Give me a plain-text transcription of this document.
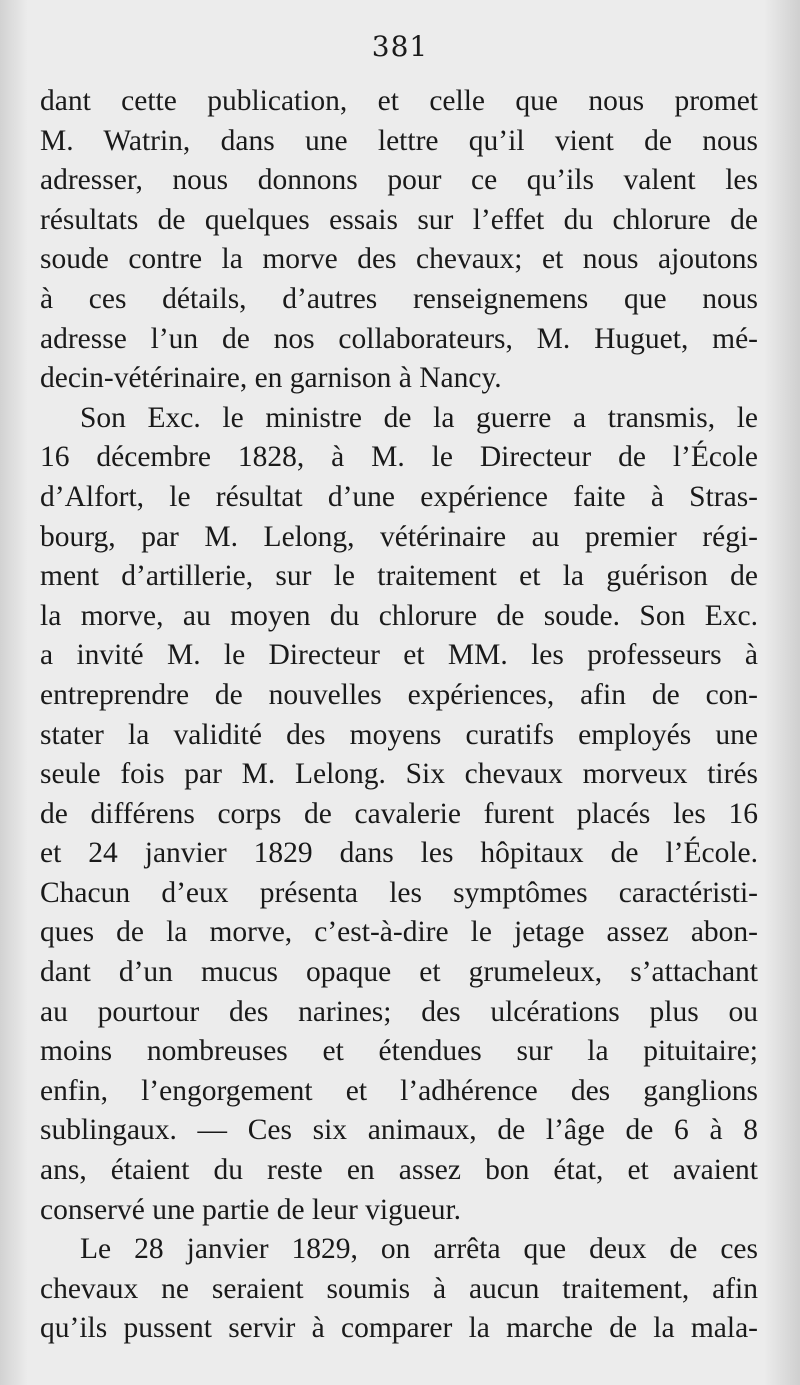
381
dant cette publication, et celle que nous promet
M. Watrin, dans une lettre qu’il vient de nous
adresser, nous donnons pour ce qu’ils valent les
résultats de quelques essais sur l’effet du chlorure de
soude contre la morve des chevaux; et nous ajoutons
à ces détails, d’autres renseignemens que nous
adresse l’un de nos collaborateurs, M. Huguet, mé-
decin-vétérinaire, en garnison à Nancy.
Son Exc. le ministre de la guerre a transmis, le
16 décembre 1828, à M. le Directeur de l’École
d’Alfort, le résultat d’une expérience faite à Stras-
bourg, par M. Lelong, vétérinaire au premier régi-
ment d’artillerie, sur le traitement et la guérison de
la morve, au moyen du chlorure de soude. Son Exc.
a invité M. le Directeur et MM. les professeurs à
entreprendre de nouvelles expériences, afin de con-
stater la validité des moyens curatifs employés une
seule fois par M. Lelong. Six chevaux morveux tirés
de différens corps de cavalerie furent placés les 16
et 24 janvier 1829 dans les hôpitaux de l’École.
Chacun d’eux présenta les symptômes caractéristi-
ques de la morve, c’est-à-dire le jetage assez abon-
dant d’un mucus opaque et grumeleux, s’attachant
au pourtour des narines; des ulcérations plus ou
moins nombreuses et étendues sur la pituitaire;
enfin, l’engorgement et l’adhérence des ganglions
sublingaux. — Ces six animaux, de l’âge de 6 à 8
ans, étaient du reste en assez bon état, et avaient
conservé une partie de leur vigueur.
Le 28 janvier 1829, on arrêta que deux de ces
chevaux ne seraient soumis à aucun traitement, afin
qu’ils pussent servir à comparer la marche de la mala-
